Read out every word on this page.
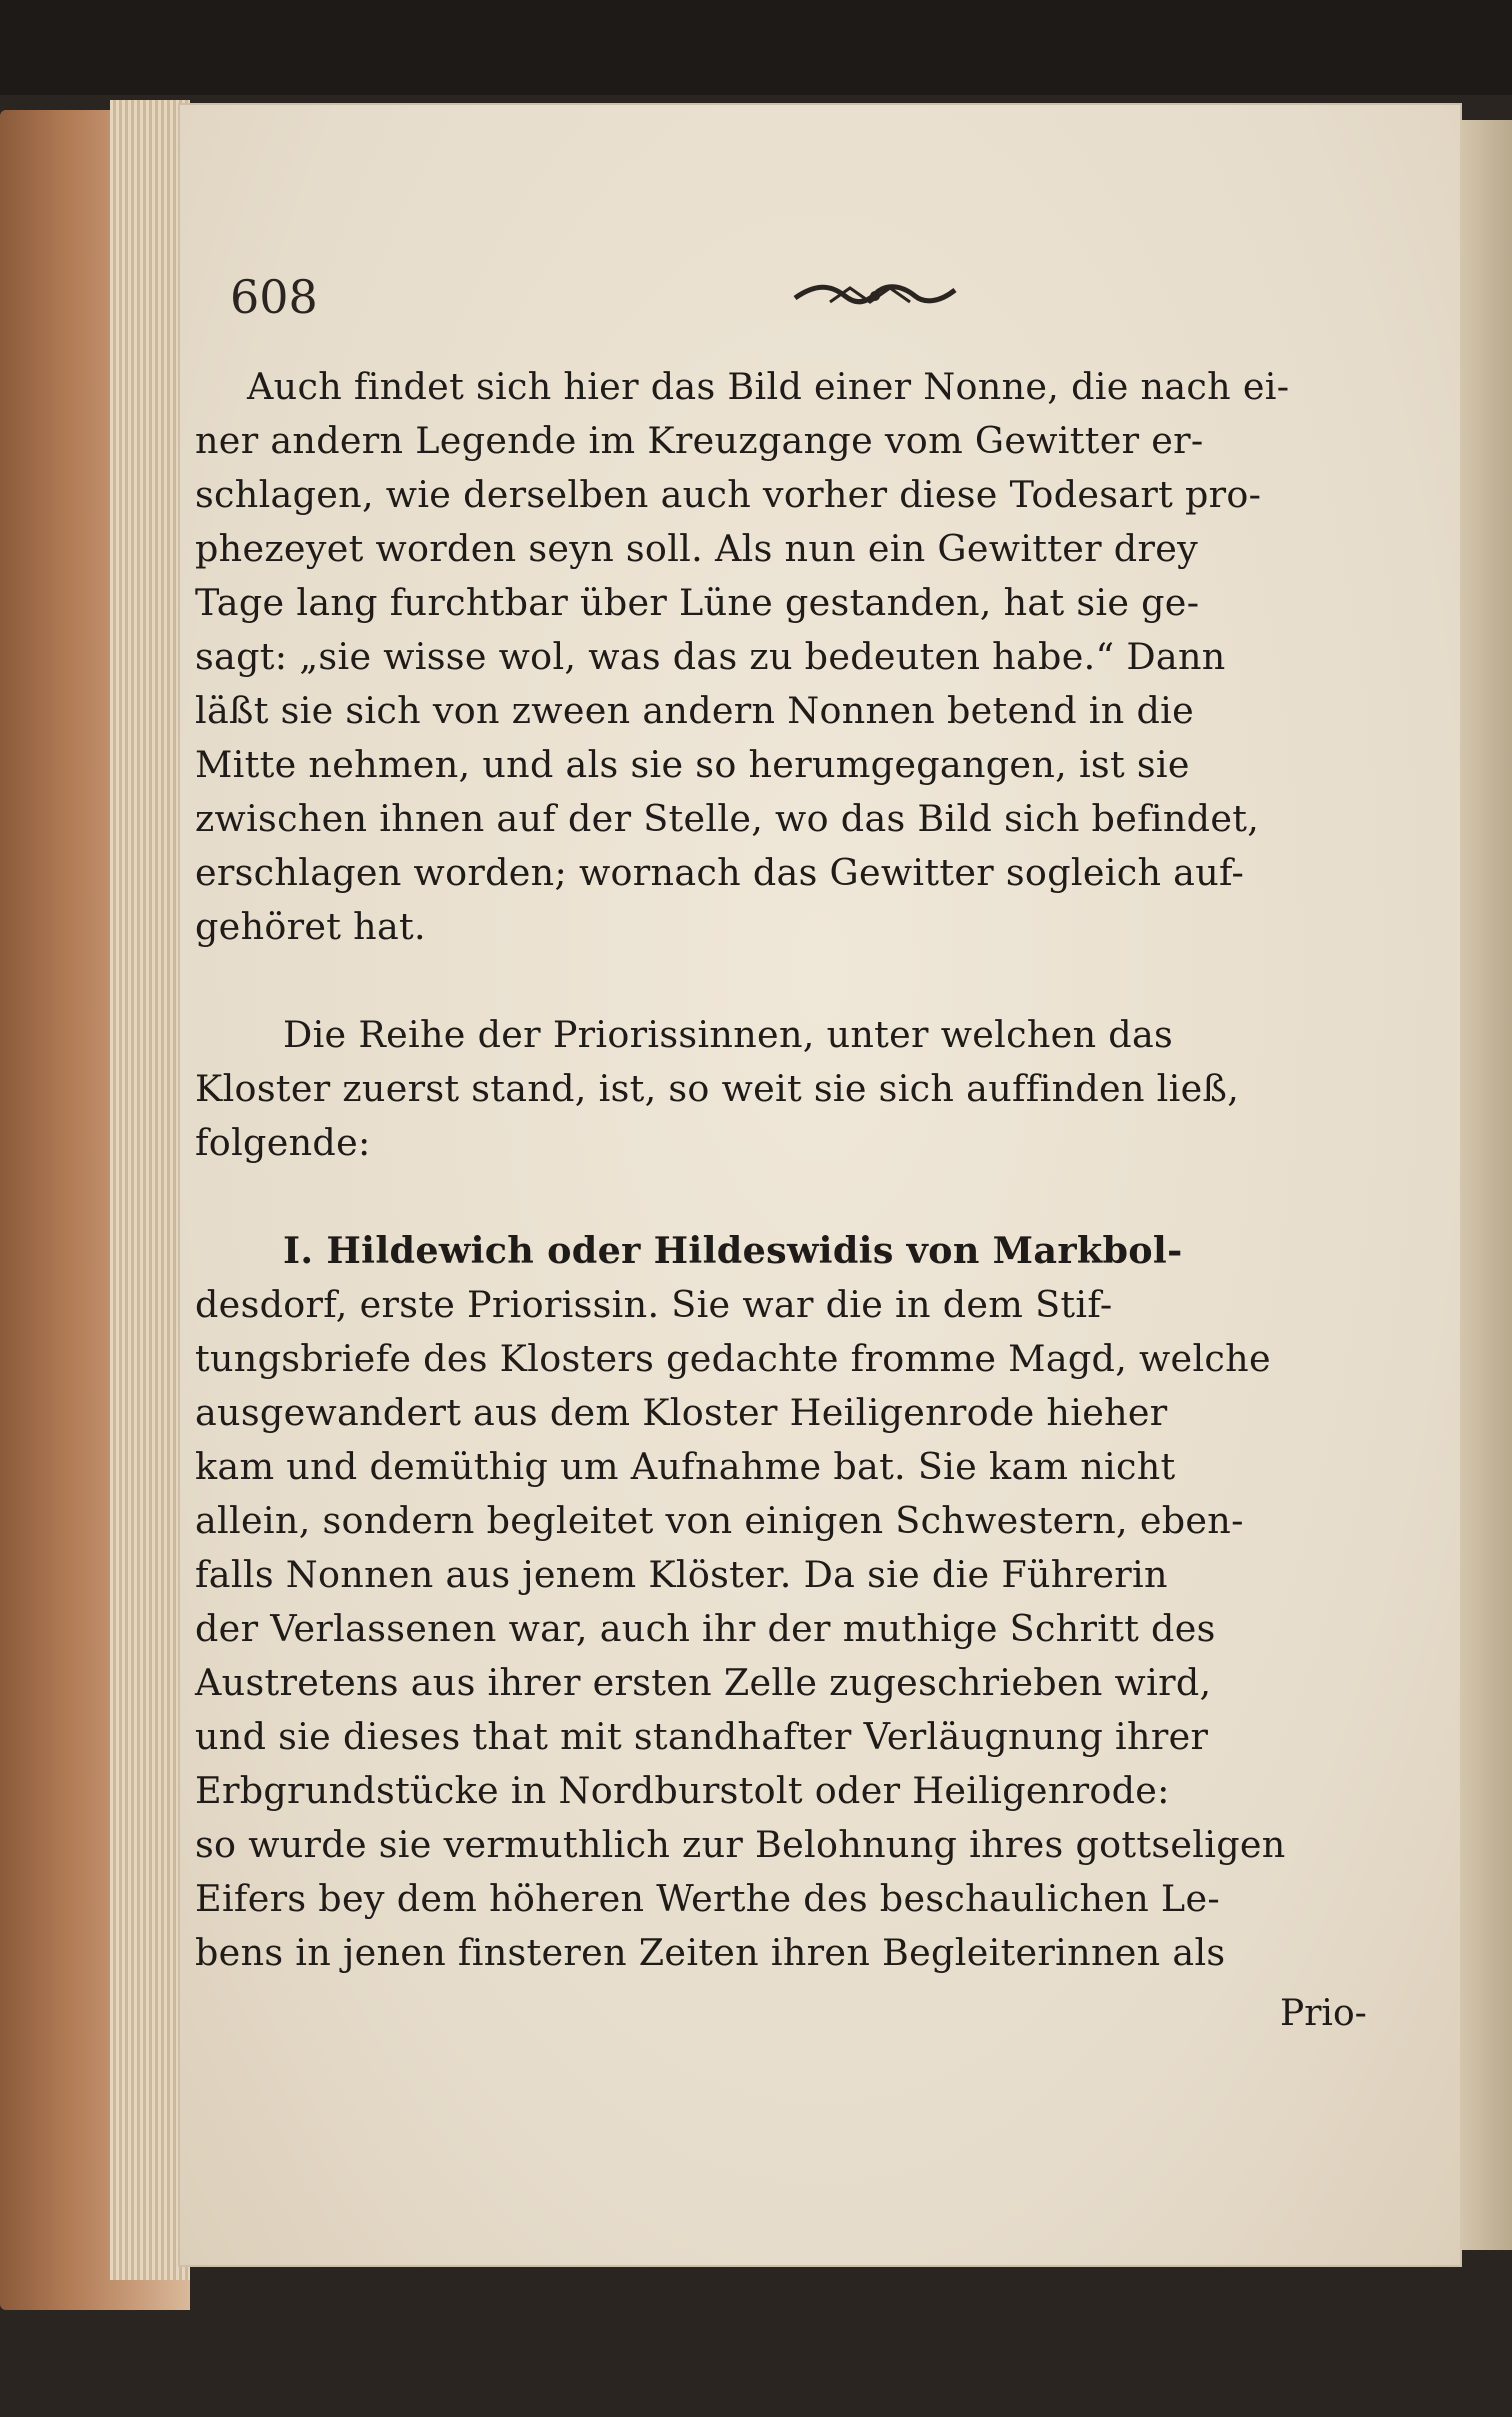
608

Auch findet sich hier das Bild einer Nonne, die nach ei-
ner andern Legende im Kreuzgange vom Gewitter er-
schlagen, wie derselben auch vorher diese Todesart pro-
phezeyet worden seyn soll. Als nun ein Gewitter drey
Tage lang furchtbar über Lüne gestanden, hat sie ge-
sagt: „sie wisse wol, was das zu bedeuten habe.“ Dann
läßt sie sich von zween andern Nonnen betend in die
Mitte nehmen, und als sie so herumgegangen, ist sie
zwischen ihnen auf der Stelle, wo das Bild sich befindet,
erschlagen worden; wornach das Gewitter sogleich auf-
gehöret hat.

Die Reihe der Priorissinnen, unter welchen das
Kloster zuerst stand, ist, so weit sie sich auffinden ließ,
folgende:

I. Hildewich oder Hildeswidis von Markbol-
desdorf, erste Priorissin. Sie war die in dem Stif-
tungsbriefe des Klosters gedachte fromme Magd, welche
ausgewandert aus dem Kloster Heiligenrode hieher
kam und demüthig um Aufnahme bat. Sie kam nicht
allein, sondern begleitet von einigen Schwestern, eben-
falls Nonnen aus jenem Klöster. Da sie die Führerin
der Verlassenen war, auch ihr der muthige Schritt des
Austretens aus ihrer ersten Zelle zugeschrieben wird,
und sie dieses that mit standhafter Verläugnung ihrer
Erbgrundstücke in Nordburstolt oder Heiligenrode:
so wurde sie vermuthlich zur Belohnung ihres gottseligen
Eifers bey dem höheren Werthe des beschaulichen Le-
bens in jenen finsteren Zeiten ihren Begleiterinnen als

Prio-
